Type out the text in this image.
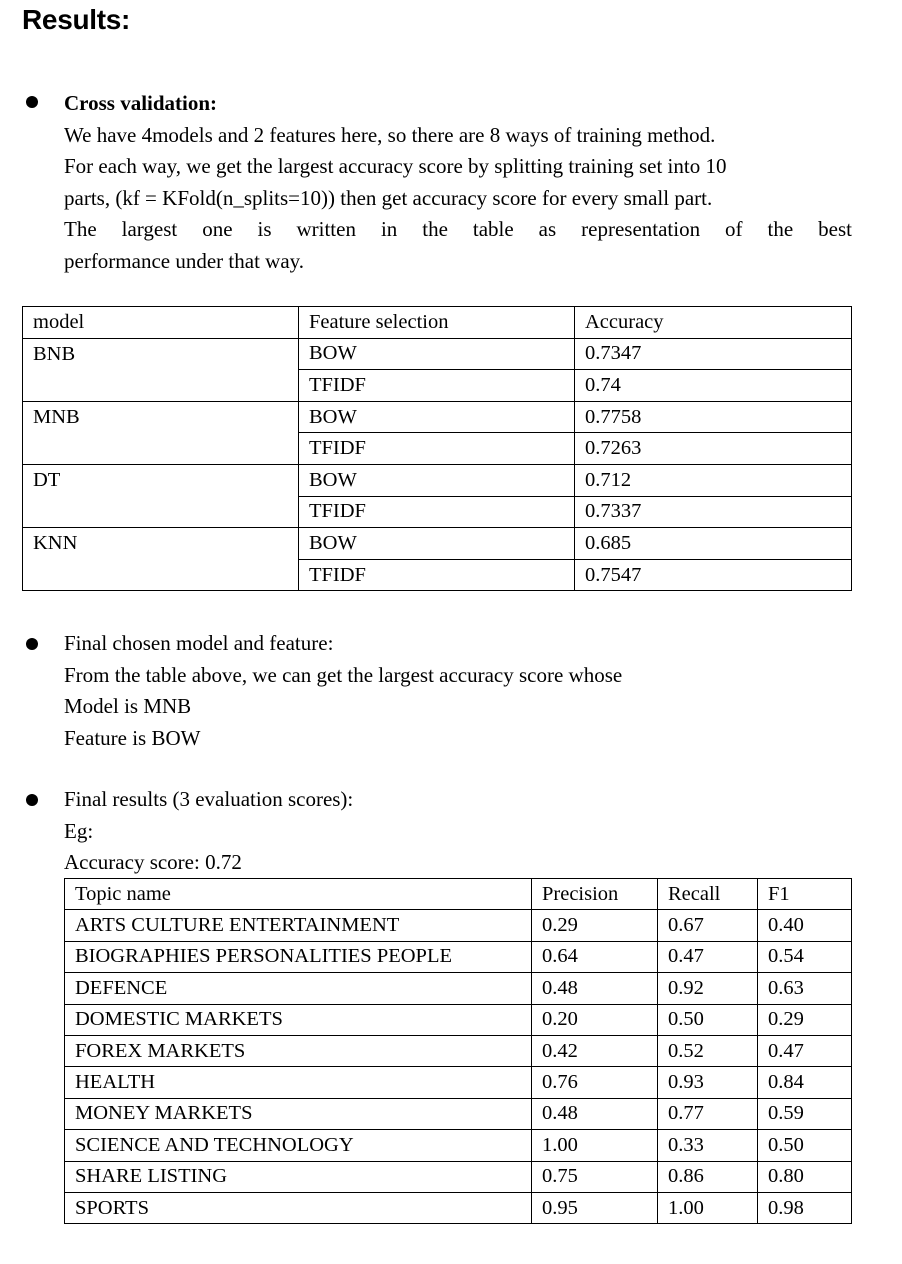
Results:
Cross validation:
We have 4models and 2 features here, so there are 8 ways of training method.
For each way, we get the largest accuracy score by splitting training set into 10
parts, (kf = KFold(n_splits=10)) then get accuracy score for every small part.
The largest one is written in the table as representation of the best
performance under that way.
model	Feature selection	Accuracy
BNB	BOW	0.7347
	TFIDF	0.74
MNB	BOW	0.7758
	TFIDF	0.7263
DT	BOW	0.712
	TFIDF	0.7337
KNN	BOW	0.685
	TFIDF	0.7547
Final chosen model and feature:
From the table above, we can get the largest accuracy score whose
Model is MNB
Feature is BOW
Final results (3 evaluation scores):
Eg:
Accuracy score: 0.72
Topic name	Precision	Recall	F1
ARTS CULTURE ENTERTAINMENT	0.29	0.67	0.40
BIOGRAPHIES PERSONALITIES PEOPLE	0.64	0.47	0.54
DEFENCE	0.48	0.92	0.63
DOMESTIC MARKETS	0.20	0.50	0.29
FOREX MARKETS	0.42	0.52	0.47
HEALTH	0.76	0.93	0.84
MONEY MARKETS	0.48	0.77	0.59
SCIENCE AND TECHNOLOGY	1.00	0.33	0.50
SHARE LISTING	0.75	0.86	0.80
SPORTS	0.95	1.00	0.98
